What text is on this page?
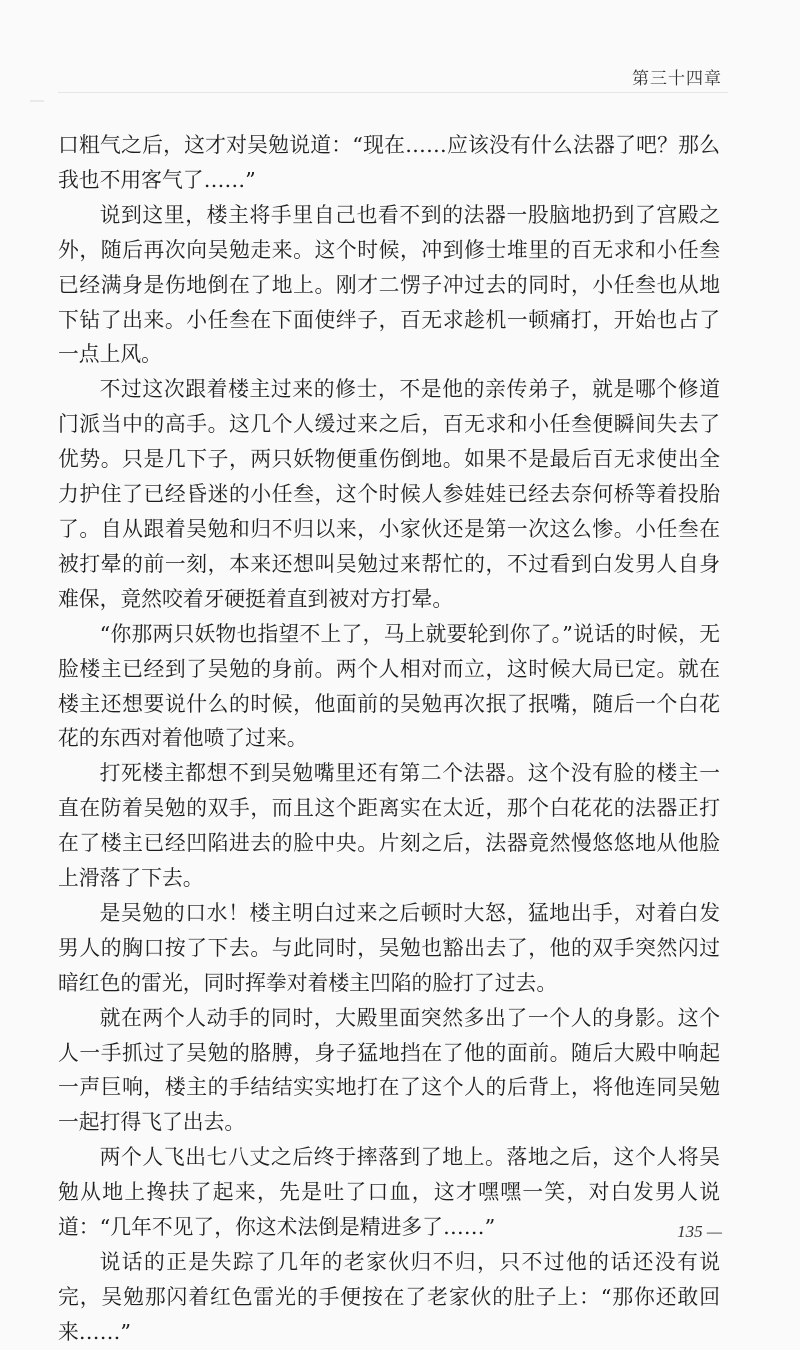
第三十四章

口粗气之后，这才对吴勉说道：“现在……应该没有什么法器了吧？那么我也不用客气了……”

说到这里，楼主将手里自己也看不到的法器一股脑地扔到了宫殿之外，随后再次向吴勉走来。这个时候，冲到修士堆里的百无求和小任叁已经满身是伤地倒在了地上。刚才二愣子冲过去的同时，小任叁也从地下钻了出来。小任叁在下面使绊子，百无求趁机一顿痛打，开始也占了一点上风。

不过这次跟着楼主过来的修士，不是他的亲传弟子，就是哪个修道门派当中的高手。这几个人缓过来之后，百无求和小任叁便瞬间失去了优势。只是几下子，两只妖物便重伤倒地。如果不是最后百无求使出全力护住了已经昏迷的小任叁，这个时候人参娃娃已经去奈何桥等着投胎了。自从跟着吴勉和归不归以来，小家伙还是第一次这么惨。小任叁在被打晕的前一刻，本来还想叫吴勉过来帮忙的，不过看到白发男人自身难保，竟然咬着牙硬挺着直到被对方打晕。

“你那两只妖物也指望不上了，马上就要轮到你了。”说话的时候，无脸楼主已经到了吴勉的身前。两个人相对而立，这时候大局已定。就在楼主还想要说什么的时候，他面前的吴勉再次抿了抿嘴，随后一个白花花的东西对着他喷了过来。

打死楼主都想不到吴勉嘴里还有第二个法器。这个没有脸的楼主一直在防着吴勉的双手，而且这个距离实在太近，那个白花花的法器正打在了楼主已经凹陷进去的脸中央。片刻之后，法器竟然慢悠悠地从他脸上滑落了下去。

是吴勉的口水！楼主明白过来之后顿时大怒，猛地出手，对着白发男人的胸口按了下去。与此同时，吴勉也豁出去了，他的双手突然闪过暗红色的雷光，同时挥拳对着楼主凹陷的脸打了过去。

就在两个人动手的同时，大殿里面突然多出了一个人的身影。这个人一手抓过了吴勉的胳膊，身子猛地挡在了他的面前。随后大殿中响起一声巨响，楼主的手结结实实地打在了这个人的后背上，将他连同吴勉一起打得飞了出去。

两个人飞出七八丈之后终于摔落到了地上。落地之后，这个人将吴勉从地上搀扶了起来，先是吐了口血，这才嘿嘿一笑，对白发男人说道：“几年不见了，你这术法倒是精进多了……”

说话的正是失踪了几年的老家伙归不归，只不过他的话还没有说完，吴勉那闪着红色雷光的手便按在了老家伙的肚子上：“那你还敢回来……”

135 —
